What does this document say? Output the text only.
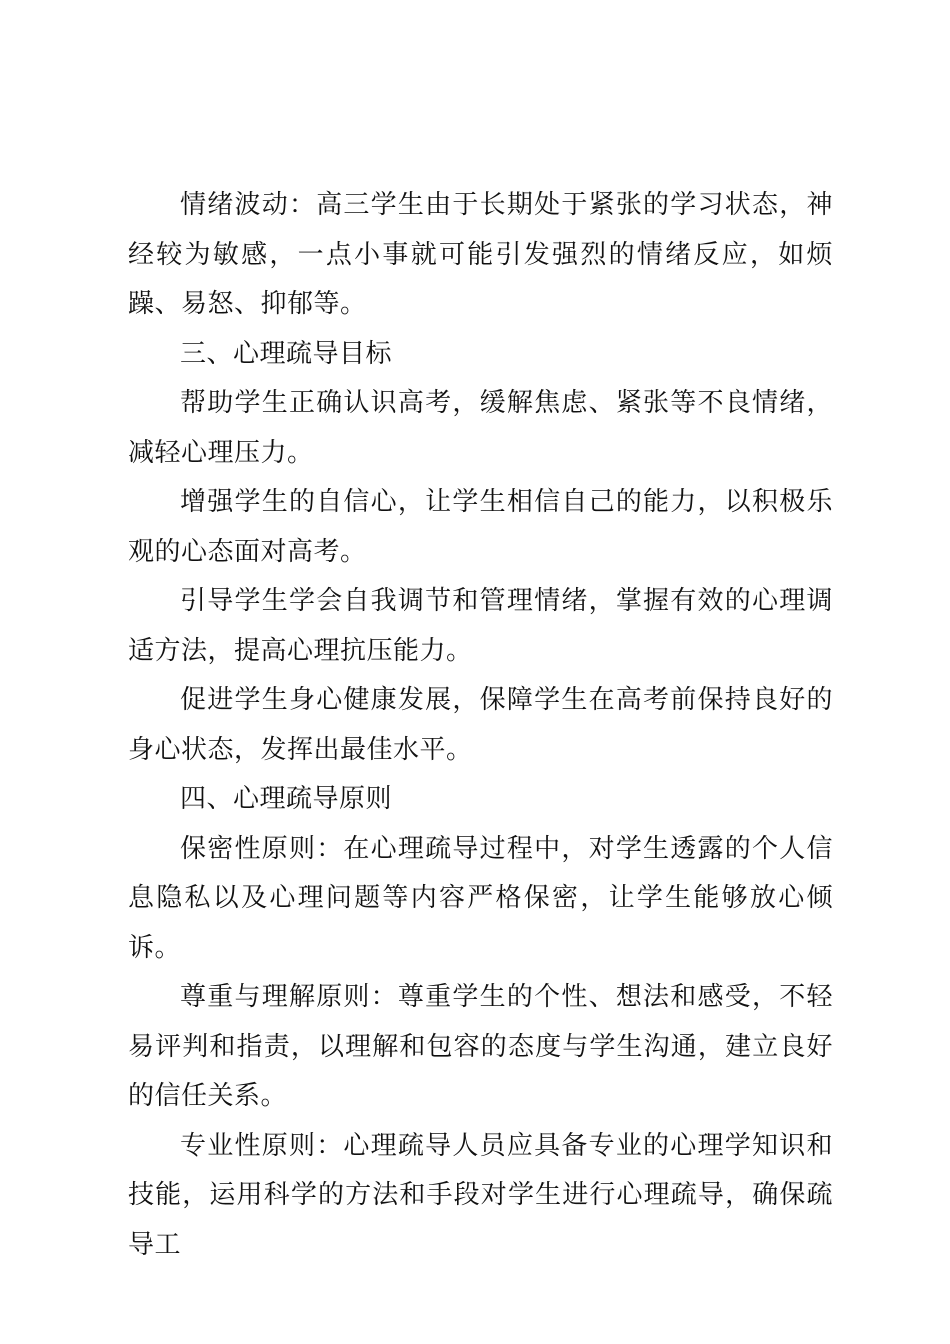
情绪波动：高三学生由于长期处于紧张的学习状态，神经较为敏感，一点小事就可能引发强烈的情绪反应，如烦躁、易怒、抑郁等。

三、心理疏导目标

帮助学生正确认识高考，缓解焦虑、紧张等不良情绪，减轻心理压力。

增强学生的自信心，让学生相信自己的能力，以积极乐观的心态面对高考。

引导学生学会自我调节和管理情绪，掌握有效的心理调适方法，提高心理抗压能力。

促进学生身心健康发展，保障学生在高考前保持良好的身心状态，发挥出最佳水平。

四、心理疏导原则

保密性原则：在心理疏导过程中，对学生透露的个人信息隐私以及心理问题等内容严格保密，让学生能够放心倾诉。

尊重与理解原则：尊重学生的个性、想法和感受，不轻易评判和指责，以理解和包容的态度与学生沟通，建立良好的信任关系。

专业性原则：心理疏导人员应具备专业的心理学知识和技能，运用科学的方法和手段对学生进行心理疏导，确保疏导工
